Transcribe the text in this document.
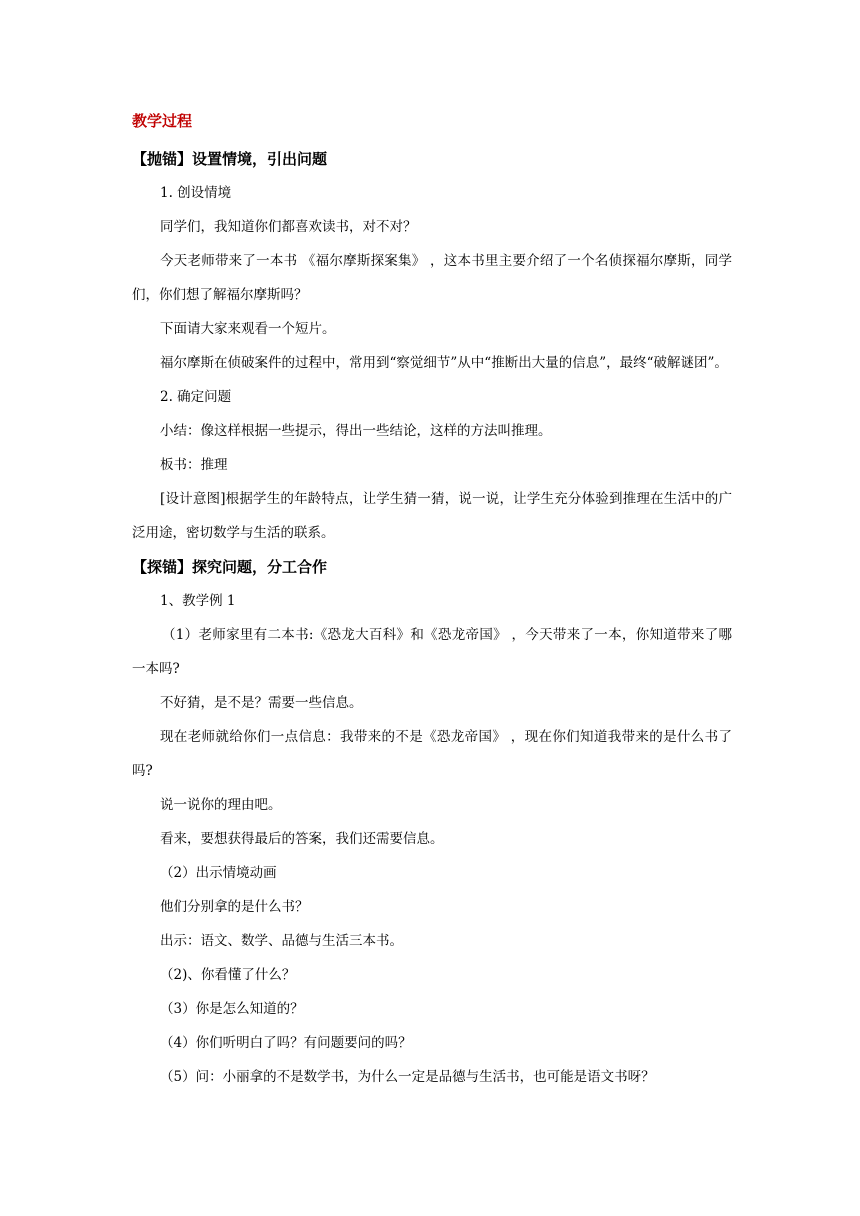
教学过程
【抛锚】设置情境，引出问题

1. 创设情境

同学们，我知道你们都喜欢读书，对不对？

今天老师带来了一本书 《福尔摩斯探案集》 ，这本书里主要介绍了一个名侦探福尔摩斯，同学们，你们想了解福尔摩斯吗？

下面请大家来观看一个短片。

福尔摩斯在侦破案件的过程中，常用到“察觉细节”从中“推断出大量的信息”，最终“破解谜团”。

2. 确定问题

小结：像这样根据一些提示，得出一些结论，这样的方法叫推理。

板书：推理

[设计意图]根据学生的年龄特点，让学生猜一猜，说一说，让学生充分体验到推理在生活中的广泛用途，密切数学与生活的联系。

【探锚】探究问题，分工合作

1、教学例 1

（1）老师家里有二本书:《恐龙大百科》和《恐龙帝国》 ，今天带来了一本，你知道带来了哪一本吗?

不好猜，是不是？需要一些信息。

现在老师就给你们一点信息：我带来的不是《恐龙帝国》 ，现在你们知道我带来的是什么书了吗?

说一说你的理由吧。

看来，要想获得最后的答案，我们还需要信息。

（2）出示情境动画

他们分别拿的是什么书？

出示：语文、数学、品德与生活三本书。

（2)、你看懂了什么？

（3）你是怎么知道的？

（4）你们听明白了吗？有问题要问的吗？

（5）问：小丽拿的不是数学书，为什么一定是品德与生活书，也可能是语文书呀？
